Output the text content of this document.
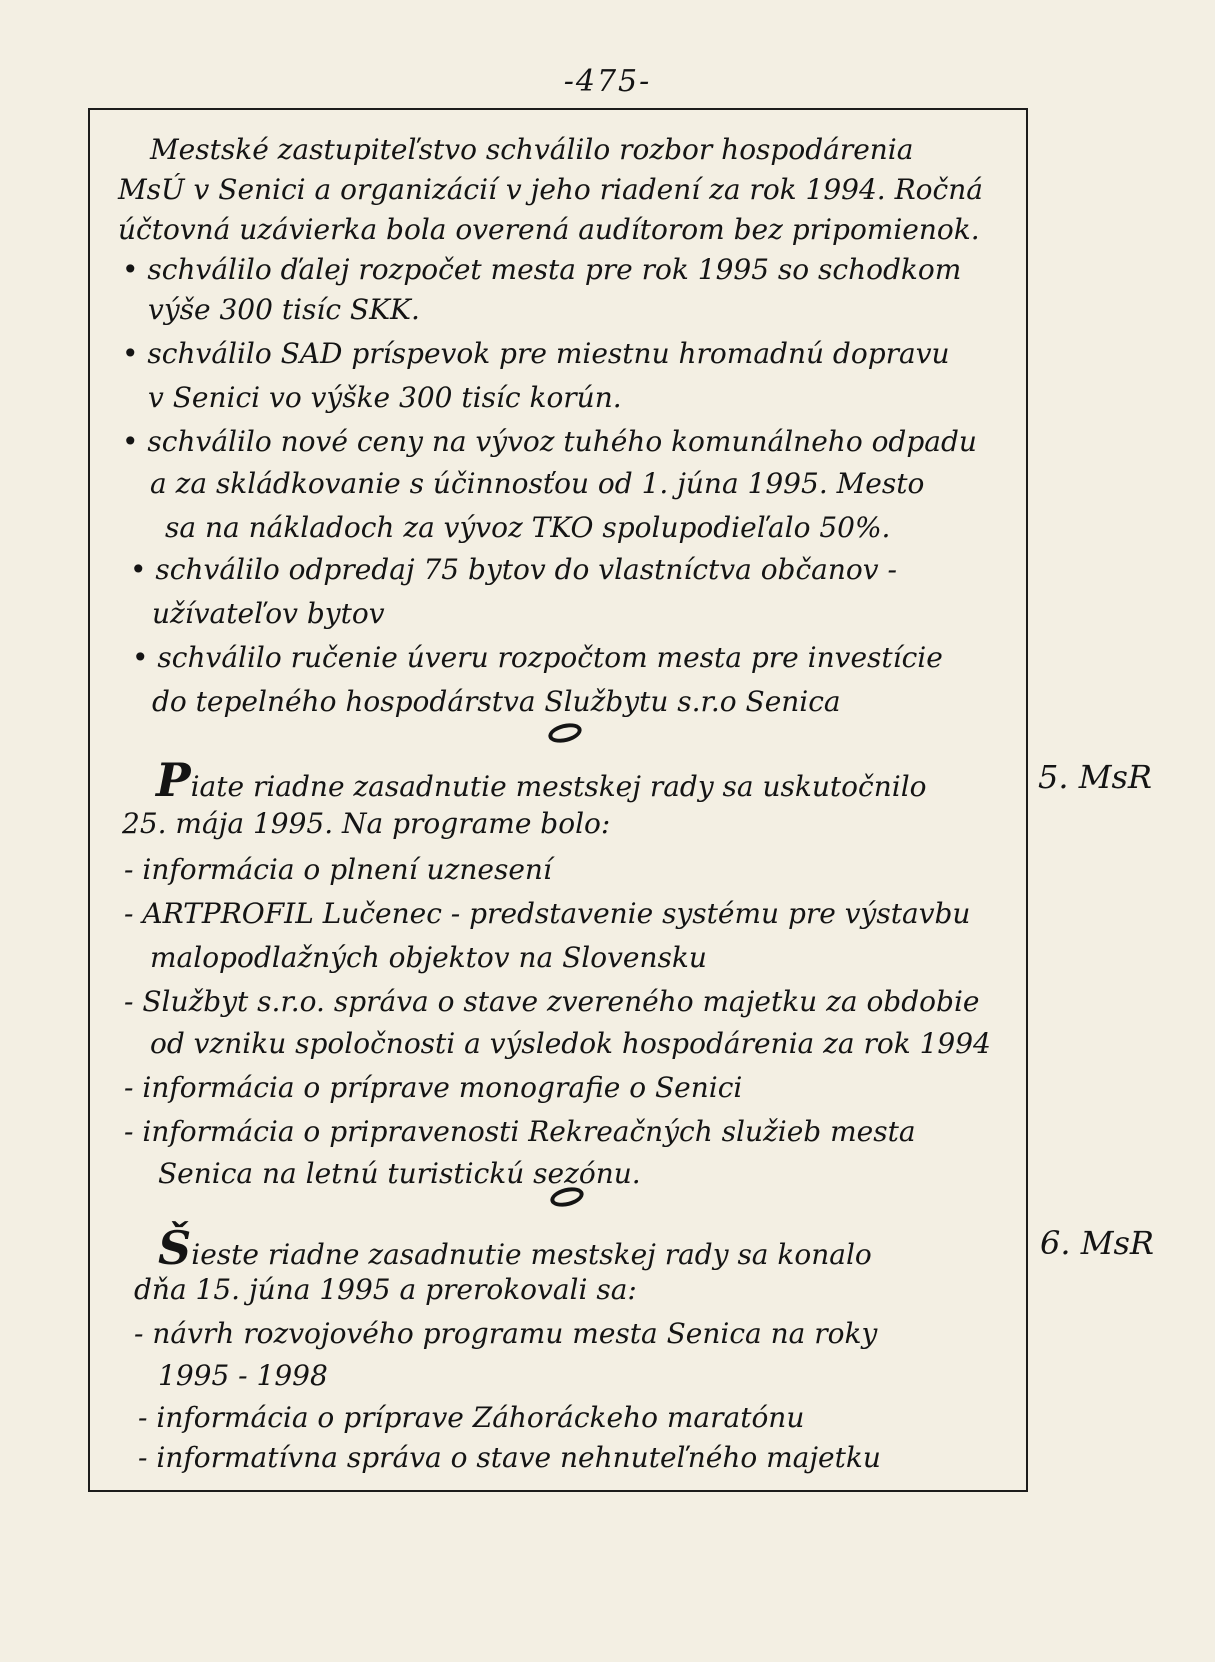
-475-
Mestské zastupiteľstvo schválilo rozbor hospodárenia
MsÚ v Senici a organizácií v jeho riadení za rok 1994. Ročná
účtovná uzávierka bola overená audítorom bez pripomienok.
• schválilo ďalej rozpočet mesta pre rok 1995 so schodkom
výše 300 tisíc SKK.
• schválilo SAD príspevok pre miestnu hromadnú dopravu
v Senici vo výške 300 tisíc korún.
• schválilo nové ceny na vývoz tuhého komunálneho odpadu
a za skládkovanie s účinnosťou od 1. júna 1995. Mesto
sa na nákladoch za vývoz TKO spolupodieľalo 50%.
• schválilo odpredaj 75 bytov do vlastníctva občanov -
užívateľov bytov
• schválilo ručenie úveru rozpočtom mesta pre investície
do tepelného hospodárstva Službytu s.r.o Senica
Piate riadne zasadnutie mestskej rady sa uskutočnilo
25. mája 1995. Na programe bolo:
- informácia o plnení uznesení
- ARTPROFIL Lučenec - predstavenie systému pre výstavbu
malopodlažných objektov na Slovensku
- Službyt s.r.o. správa o stave zvereného majetku za obdobie
od vzniku spoločnosti a výsledok hospodárenia za rok 1994
- informácia o príprave monografie o Senici
- informácia o pripravenosti Rekreačných služieb mesta
Senica na letnú turistickú sezónu.
Šieste riadne zasadnutie mestskej rady sa konalo
dňa 15. júna 1995 a prerokovali sa:
- návrh rozvojového programu mesta Senica na roky
1995 - 1998
- informácia o príprave Záhoráckeho maratónu
- informatívna správa o stave nehnuteľného majetku
5. MsR
6. MsR
